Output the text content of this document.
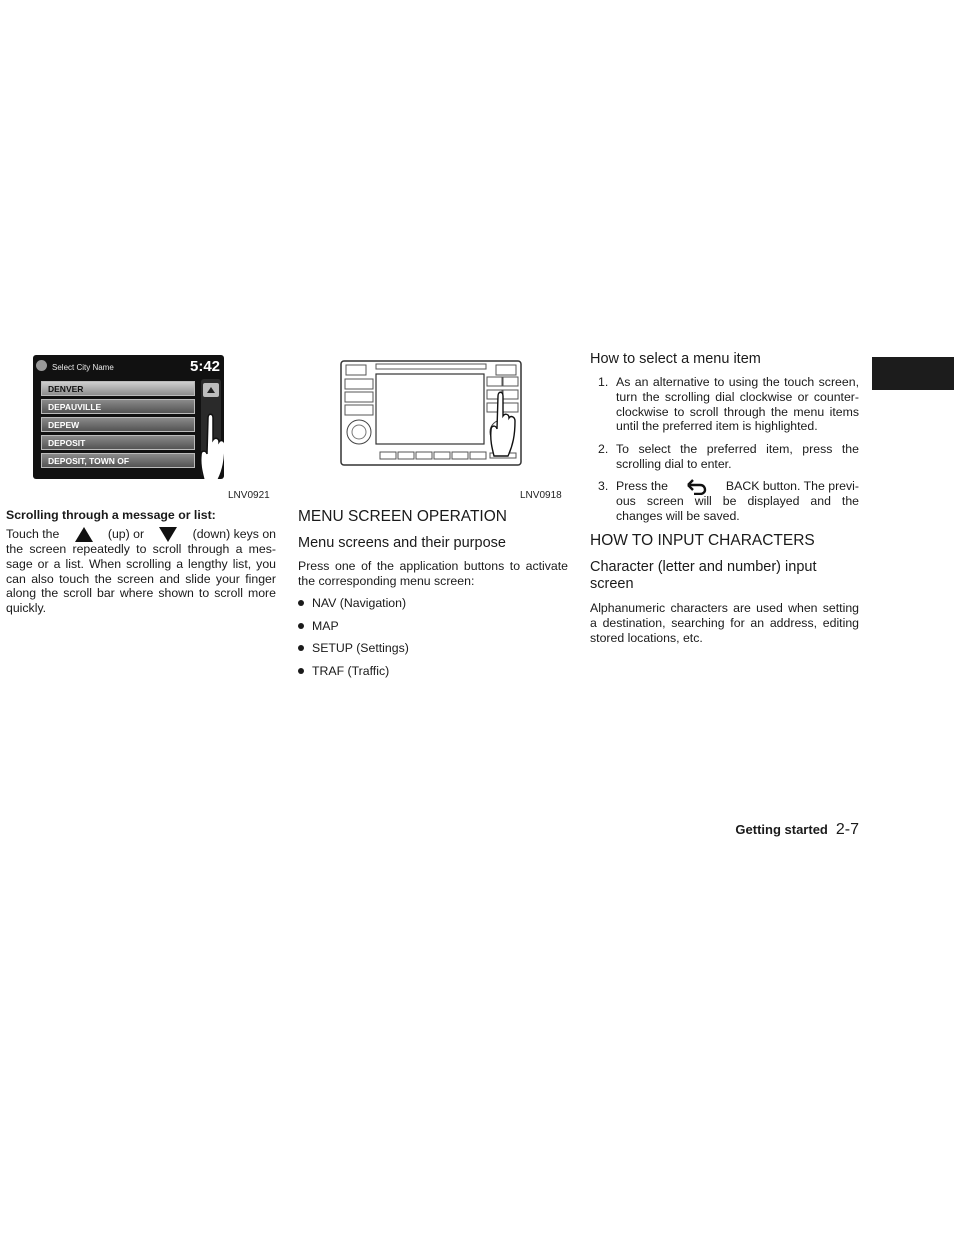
Select City Name	5:42
DENVER
DEPAUVILLE
DEPEW
DEPOSIT
DEPOSIT, TOWN OF
LNV0921	LNV0918
Scrolling through a message or list:
Touch the	(up) or	(down) keys on
the screen repeatedly to scroll through a mes-
sage or a list. When scrolling a lengthy list, you
can also touch the screen and slide your finger
along the scroll bar where shown to scroll more
quickly.
MENU SCREEN OPERATION
Menu screens and their purpose
Press one of the application buttons to activate
the corresponding menu screen:
NAV (Navigation)
MAP
SETUP (Settings)
TRAF (Traffic)
How to select a menu item
1. As an alternative to using the touch screen,
turn the scrolling dial clockwise or counter-
clockwise to scroll through the menu items
until the preferred item is highlighted.
2. To select the preferred item, press the
scrolling dial to enter.
3. Press the	BACK button. The previ-
ous screen will be displayed and the
changes will be saved.
HOW TO INPUT CHARACTERS
Character (letter and number) input
screen
Alphanumeric characters are used when setting
a destination, searching for an address, editing
stored locations, etc.
Getting started 2-7
